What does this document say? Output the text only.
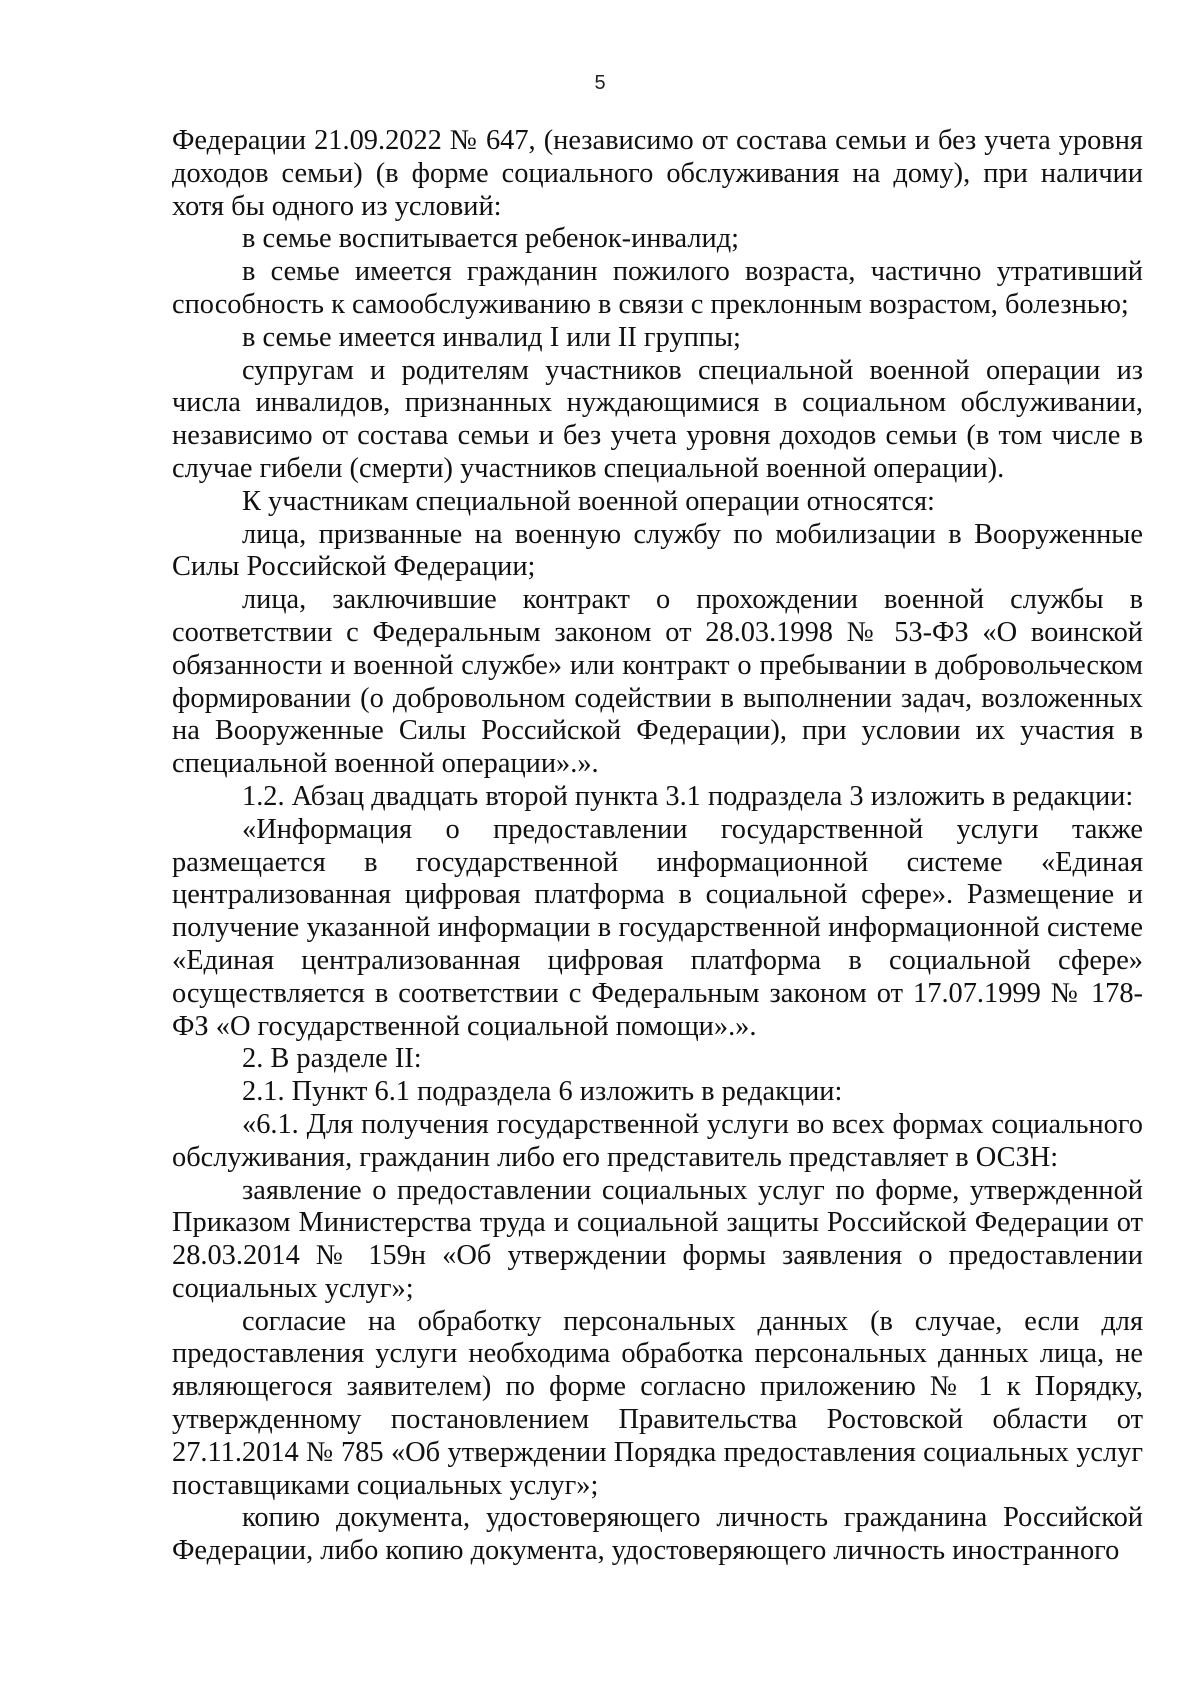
5

Федерации 21.09.2022 № 647, (независимо от состава семьи и без учета уровня доходов семьи) (в форме социального обслуживания на дому), при наличии хотя бы одного из условий:

в семье воспитывается ребенок-инвалид;

в семье имеется гражданин пожилого возраста, частично утративший способность к самообслуживанию в связи с преклонным возрастом, болезнью;

в семье имеется инвалид I или II группы;

супругам и родителям участников специальной военной операции из числа инвалидов, признанных нуждающимися в социальном обслуживании, независимо от состава семьи и без учета уровня доходов семьи (в том числе в случае гибели (смерти) участников специальной военной операции).

К участникам специальной военной операции относятся:

лица, призванные на военную службу по мобилизации в Вооруженные Силы Российской Федерации;

лица, заключившие контракт о прохождении военной службы в соответствии с Федеральным законом от 28.03.1998 № 53-ФЗ «О воинской обязанности и военной службе» или контракт о пребывании в добровольческом формировании (о добровольном содействии в выполнении задач, возложенных на Вооруженные Силы Российской Федерации), при условии их участия в специальной военной операции».».

1.2. Абзац двадцать второй пункта 3.1 подраздела 3 изложить в редакции:

«Информация о предоставлении государственной услуги также размещается в государственной информационной системе «Единая централизованная цифровая платформа в социальной сфере». Размещение и получение указанной информации в государственной информационной системе «Единая централизованная цифровая платформа в социальной сфере» осуществляется в соответствии с Федеральным законом от 17.07.1999 № 178-ФЗ «О государственной социальной помощи».».

2. В разделе II:

2.1. Пункт 6.1 подраздела 6 изложить в редакции:

«6.1. Для получения государственной услуги во всех формах социального обслуживания, гражданин либо его представитель представляет в ОСЗН:

заявление о предоставлении социальных услуг по форме, утвержденной Приказом Министерства труда и социальной защиты Российской Федерации от 28.03.2014 № 159н «Об утверждении формы заявления о предоставлении социальных услуг»;

согласие на обработку персональных данных (в случае, если для предоставления услуги необходима обработка персональных данных лица, не являющегося заявителем) по форме согласно приложению № 1 к Порядку, утвержденному постановлением Правительства Ростовской области от 27.11.2014 № 785 «Об утверждении Порядка предоставления социальных услуг поставщиками социальных услуг»;

копию документа, удостоверяющего личность гражданина Российской Федерации, либо копию документа, удостоверяющего личность иностранного
